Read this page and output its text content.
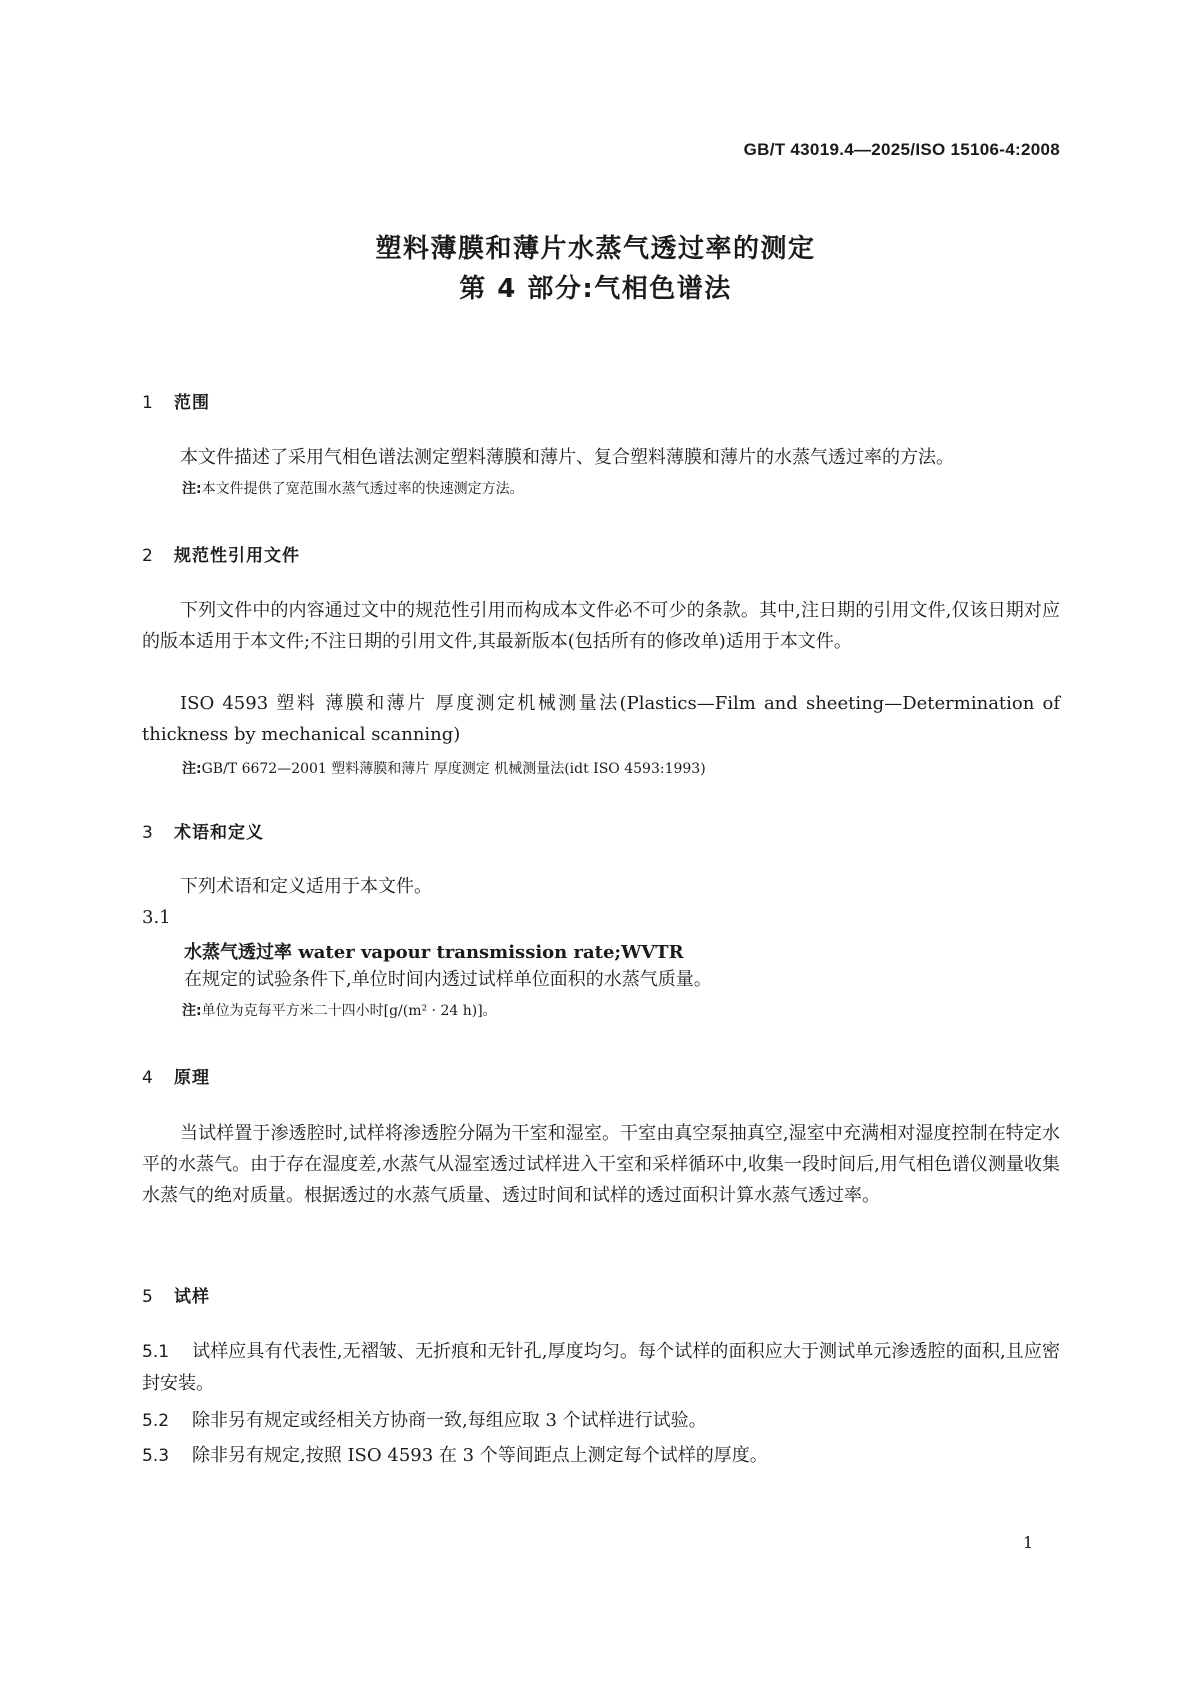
GB/T 43019.4—2025/ISO 15106-4:2008
塑料薄膜和薄片水蒸气透过率的测定
第 4 部分:气相色谱法
1 范围
本文件描述了采用气相色谱法测定塑料薄膜和薄片、复合塑料薄膜和薄片的水蒸气透过率的方法。
注:本文件提供了宽范围水蒸气透过率的快速测定方法。
2 规范性引用文件
下列文件中的内容通过文中的规范性引用而构成本文件必不可少的条款。其中,注日期的引用文件,仅该日期对应的版本适用于本文件;不注日期的引用文件,其最新版本(包括所有的修改单)适用于本文件。
ISO 4593 塑料 薄膜和薄片 厚度测定机械测量法(Plastics—Film and sheeting—Determination of thickness by mechanical scanning)
注:GB/T 6672—2001 塑料薄膜和薄片 厚度测定 机械测量法(idt ISO 4593:1993)
3 术语和定义
下列术语和定义适用于本文件。
3.1
水蒸气透过率 water vapour transmission rate;WVTR
在规定的试验条件下,单位时间内透过试样单位面积的水蒸气质量。
注:单位为克每平方米二十四小时[g/(m² · 24 h)]。
4 原理
当试样置于渗透腔时,试样将渗透腔分隔为干室和湿室。干室由真空泵抽真空,湿室中充满相对湿度控制在特定水平的水蒸气。由于存在湿度差,水蒸气从湿室透过试样进入干室和采样循环中,收集一段时间后,用气相色谱仪测量收集水蒸气的绝对质量。根据透过的水蒸气质量、透过时间和试样的透过面积计算水蒸气透过率。
5 试样
5.1 试样应具有代表性,无褶皱、无折痕和无针孔,厚度均匀。每个试样的面积应大于测试单元渗透腔的面积,且应密封安装。
5.2 除非另有规定或经相关方协商一致,每组应取 3 个试样进行试验。
5.3 除非另有规定,按照 ISO 4593 在 3 个等间距点上测定每个试样的厚度。
1
